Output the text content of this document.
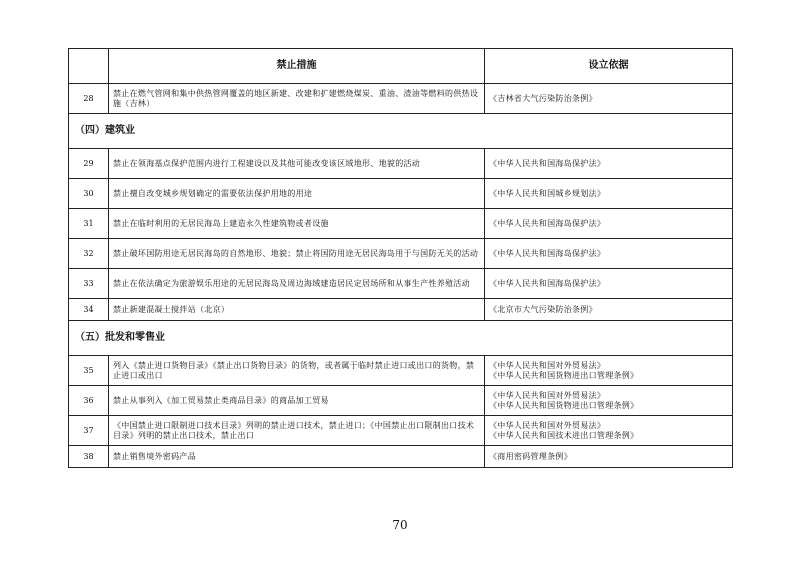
	禁止措施	设立依据
28	禁止在燃气管网和集中供热管网覆盖的地区新建、改建和扩建燃烧煤炭、重油、渣油等燃料的供热设施（吉林）	《吉林省大气污染防治条例》
（四）建筑业		
29	禁止在领海基点保护范围内进行工程建设以及其他可能改变该区域地形、地貌的活动	《中华人民共和国海岛保护法》
30	禁止擅自改变城乡规划确定的需要依法保护用地的用途	《中华人民共和国城乡规划法》
31	禁止在临时利用的无居民海岛上建造永久性建筑物或者设施	《中华人民共和国海岛保护法》
32	禁止破坏国防用途无居民海岛的自然地形、地貌；禁止将国防用途无居民海岛用于与国防无关的活动	《中华人民共和国海岛保护法》
33	禁止在依法确定为旅游娱乐用途的无居民海岛及周边海域建造居民定居场所和从事生产性养殖活动	《中华人民共和国海岛保护法》
34	禁止新建混凝土搅拌站（北京）	《北京市大气污染防治条例》
（五）批发和零售业		
35	列入《禁止进口货物目录》《禁止出口货物目录》的货物，或者属于临时禁止进口或出口的货物，禁止进口或出口	《中华人民共和国对外贸易法》
《中华人民共和国货物进出口管理条例》
36	禁止从事列入《加工贸易禁止类商品目录》的商品加工贸易	《中华人民共和国对外贸易法》
《中华人民共和国货物进出口管理条例》
37	《中国禁止进口限制进口技术目录》列明的禁止进口技术，禁止进口；《中国禁止出口限制出口技术目录》列明的禁止出口技术，禁止出口	《中华人民共和国对外贸易法》
《中华人民共和国技术进出口管理条例》
38	禁止销售境外密码产品	《商用密码管理条例》
70
